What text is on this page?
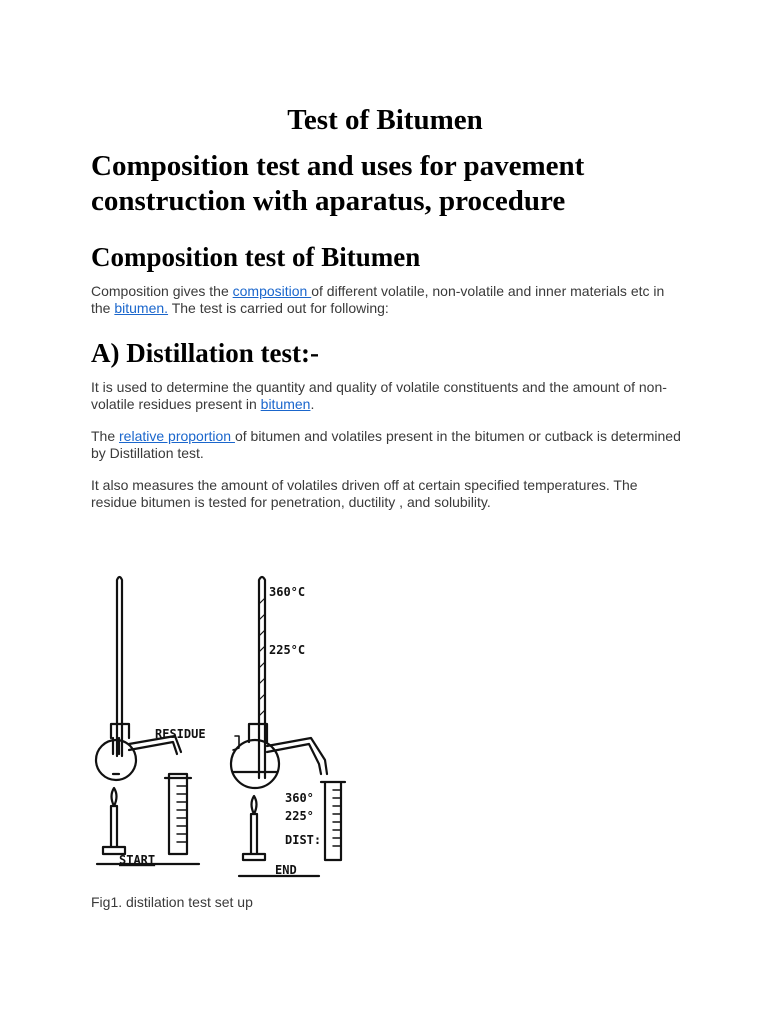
Test of Bitumen
Composition test and uses for pavement construction with aparatus, procedure
Composition test of Bitumen

Composition gives the composition of different volatile, non-volatile and inner materials etc in the bitumen. The test is carried out for following:

A) Distillation test:-

It is used to determine the quantity and quality of volatile constituents and the amount of non-volatile residues present in bitumen.

The relative proportion of bitumen and volatiles present in the bitumen or cutback is determined by Distillation test.

It also measures the amount of volatiles driven off at certain specified temperatures. The residue bitumen is tested for penetration, ductility , and solubility.

360°C
225°C
RESIDUE
360°
225°
DIST:
START
END
Fig1. distilation test set up
